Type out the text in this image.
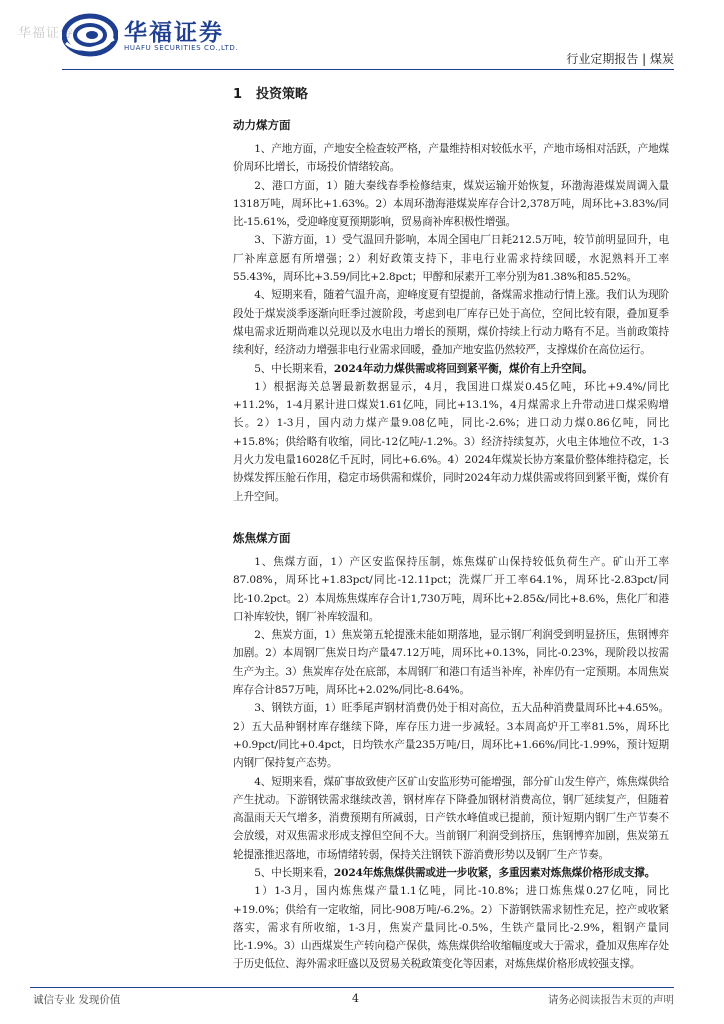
华福证券 华福证券
HUAFU SECURITIES CO.,LTD.
行业定期报告 | 煤炭
1	投资策略
动力煤方面

1、产地方面，产地安全检查较严格，产量维持相对较低水平，产地市场相对活跃，产地煤价周环比增长，市场投价情绪较高。

2、港口方面，1）随大秦线春季检修结束，煤炭运输开始恢复，环渤海港煤炭周调入量1318万吨，周环比+1.63%。2）本周环渤海港煤炭库存合计2,378万吨，周环比+3.83%/同比-15.61%，受迎峰度夏预期影响，贸易商补库积极性增强。

3、下游方面，1）受气温回升影响，本周全国电厂日耗212.5万吨，较节前明显回升，电厂补库意愿有所增强；2）利好政策支持下，非电行业需求持续回暖，水泥熟料开工率55.43%，周环比+3.59/同比+2.8pct；甲醇和尿素开工率分别为81.38%和85.52%。

4、短期来看，随着气温升高，迎峰度夏有望提前，备煤需求推动行情上涨。我们认为现阶段处于煤炭淡季逐渐向旺季过渡阶段，考虑到电厂库存已处于高位，空间比较有限，叠加夏季煤电需求近期尚难以兑现以及水电出力增长的预期，煤价持续上行动力略有不足。当前政策持续利好，经济动力增强非电行业需求回暖，叠加产地安监仍然较严，支撑煤价在高位运行。

5、中长期来看，2024年动力煤供需或将回到紧平衡，煤价有上升空间。

1）根据海关总署最新数据显示，4月，我国进口煤炭0.45亿吨，环比+9.4%/同比+11.2%，1-4月累计进口煤炭1.61亿吨，同比+13.1%，4月煤需求上升带动进口煤采购增长。2）1-3月，国内动力煤产量9.08亿吨，同比-2.6%；进口动力煤0.86亿吨，同比+15.8%；供给略有收缩，同比-12亿吨/-1.2%。3）经济持续复苏，火电主体地位不改，1-3月火力发电量16028亿千瓦时，同比+6.6%。4）2024年煤炭长协方案量价整体维持稳定，长协煤发挥压舱石作用，稳定市场供需和煤价，同时2024年动力煤供需或将回到紧平衡，煤价有上升空间。

炼焦煤方面

1、焦煤方面，1）产区安监保持压制，炼焦煤矿山保持较低负荷生产。矿山开工率87.08%，周环比+1.83pct/同比-12.11pct；洗煤厂开工率64.1%，周环比-2.83pct/同比-10.2pct。2）本周炼焦煤库存合计1,730万吨，周环比+2.85&/同比+8.6%，焦化厂和港口补库较快，钢厂补库较温和。

2、焦炭方面，1）焦炭第五轮提涨未能如期落地，显示钢厂利润受到明显挤压，焦钢博弈加剧。2）本周钢厂焦炭日均产量47.12万吨，周环比+0.13%，同比-0.23%，现阶段以按需生产为主。3）焦炭库存处在底部，本周钢厂和港口有适当补库，补库仍有一定预期。本周焦炭库存合计857万吨，周环比+2.02%/同比-8.64%。

3、钢铁方面，1）旺季尾声钢材消费仍处于相对高位，五大品种消费量周环比+4.65%。2）五大品种钢材库存继续下降，库存压力进一步减轻。3本周高炉开工率81.5%，周环比+0.9pct/同比+0.4pct，日均铁水产量235万吨/日，周环比+1.66%/同比-1.99%，预计短期内钢厂保持复产态势。

4、短期来看，煤矿事故致使产区矿山安监形势可能增强，部分矿山发生停产，炼焦煤供给产生扰动。下游钢铁需求继续改善，钢材库存下降叠加钢材消费高位，钢厂延续复产，但随着高温雨天天气增多，消费预期有所减弱，日产铁水峰值或已提前，预计短期内钢厂生产节奏不会放缓，对双焦需求形成支撑但空间不大。当前钢厂利润受到挤压，焦钢博弈加剧，焦炭第五轮提涨推迟落地，市场情绪转弱，保持关注钢铁下游消费形势以及钢厂生产节奏。

5、中长期来看，2024年炼焦煤供需或进一步收紧，多重因素对炼焦煤价格形成支撑。

1）1-3月，国内炼焦煤产量1.1亿吨，同比-10.8%；进口炼焦煤0.27亿吨，同比+19.0%；供给有一定收缩，同比-908万吨/-6.2%。2）下游钢铁需求韧性充足，控产或收紧落实，需求有所收缩，1-3月，焦炭产量同比-0.5%，生铁产量同比-2.9%，粗钢产量同比-1.9%。3）山西煤炭生产转向稳产保供，炼焦煤供给收缩幅度或大于需求，叠加双焦库存处于历史低位、海外需求旺盛以及贸易关税政策变化等因素，对炼焦煤价格形成较强支撑。

诚信专业 发现价值	4	请务必阅读报告末页的声明
